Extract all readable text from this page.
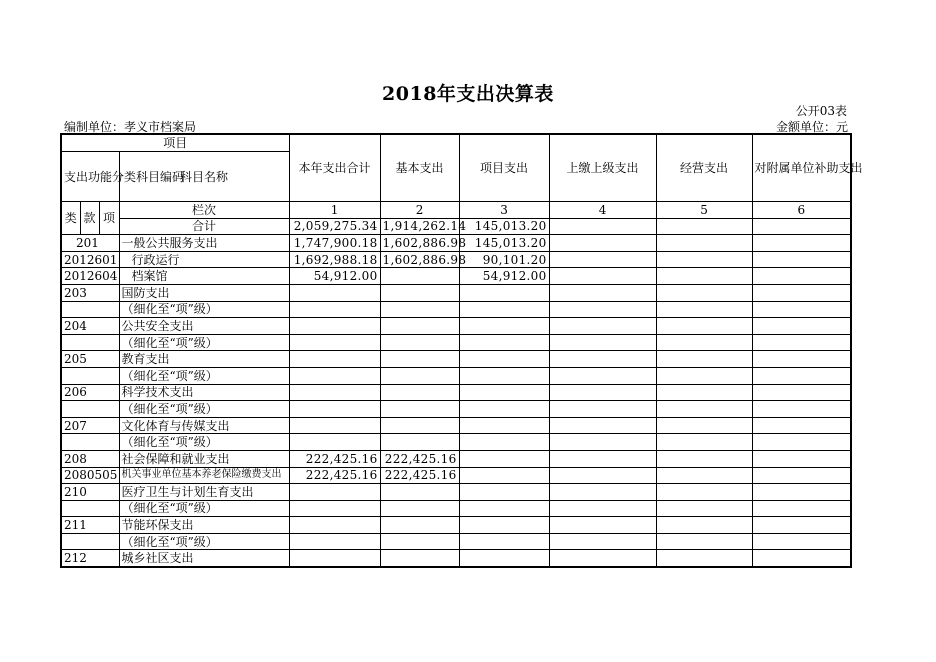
2018年支出决算表
公开03表
编制单位：孝义市档案局	金额单位：元
项目				本年支出合计	基本支出	项目支出	上缴上级支出	经营支出	对附属单位补助支出
支出功能分类科目编码			科目名称						
类	款	项	栏次	1	2	3	4	5	6
			合计	2,059,275.34	1,914,262.14	145,013.20			
201			一般公共服务支出	1,747,900.18	1,602,886.98	145,013.20			
2012601			行政运行	1,692,988.18	1,602,886.98	90,101.20			
2012604			档案馆	54,912.00		54,912.00			
203			国防支出						
			（细化至“项”级）						
204			公共安全支出						
			（细化至“项”级）						
205			教育支出						
			（细化至“项”级）						
206			科学技术支出						
			（细化至“项”级）						
207			文化体育与传媒支出						
			（细化至“项”级）						
208			社会保障和就业支出	222,425.16	222,425.16				
2080505			机关事业单位基本养老保险缴费支出	222,425.16	222,425.16				
210			医疗卫生与计划生育支出						
			（细化至“项”级）						
211			节能环保支出						
			（细化至“项”级）						
212			城乡社区支出						
